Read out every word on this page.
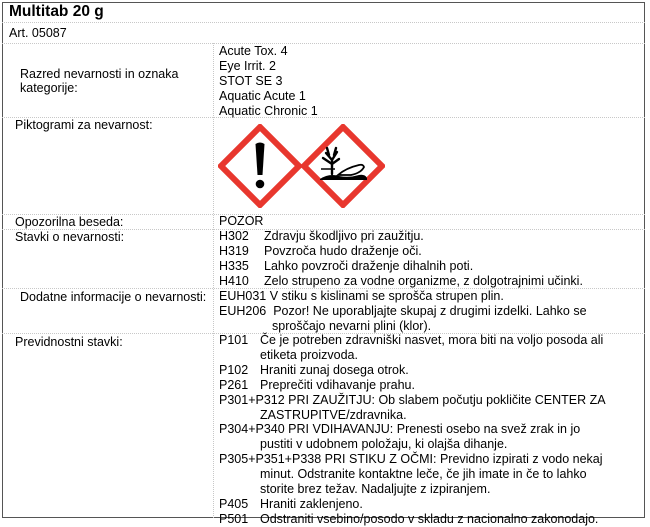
Multitab 20 g
Art. 05087
Razred nevarnosti in oznaka kategorije:
Acute Tox. 4
Eye Irrit. 2
STOT SE 3
Aquatic Acute 1
Aquatic Chronic 1
Piktogrami za nevarnost:
Opozorilna beseda:	POZOR
Stavki o nevarnosti:	H302 Zdravju škodljivo pri zaužitju.
H319 Povzroča hudo draženje oči.
H335 Lahko povzroči draženje dihalnih poti.
H410 Zelo strupeno za vodne organizme, z dolgotrajnimi učinki.
Dodatne informacije o nevarnosti: EUH031 V stiku s kislinami se sprošča strupen plin.
EUH206 Pozor! Ne uporabljajte skupaj z drugimi izdelki. Lahko se
sproščajo nevarni plini (klor).
Previdnostni stavki:	P101 Če je potreben zdravniški nasvet, mora biti na voljo posoda ali
etiketa proizvoda.
P102 Hraniti zunaj dosega otrok.
P261 Preprečiti vdihavanje prahu.
P301+P312 PRI ZAUŽITJU: Ob slabem počutju pokličite CENTER ZA
ZASTRUPITVE/zdravnika.
P304+P340 PRI VDIHAVANJU: Prenesti osebo na svež zrak in jo
pustiti v udobnem položaju, ki olajša dihanje.
P305+P351+P338 PRI STIKU Z OČMI: Previdno izpirati z vodo nekaj
minut. Odstranite kontaktne leče, če jih imate in če to lahko
storite brez težav. Nadaljujte z izpiranjem.
P405 Hraniti zaklenjeno.
P501 Odstraniti vsebino/posodo v skladu z nacionalno zakonodajo.
